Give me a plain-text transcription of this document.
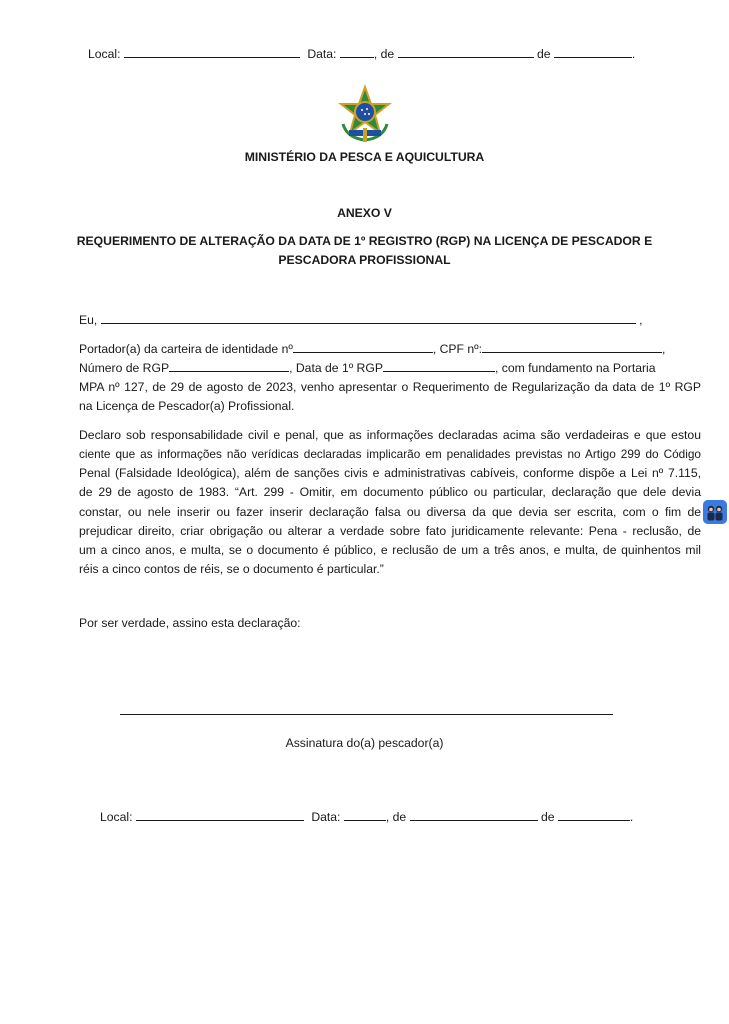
Local:	Data:	, de	de	.
MINISTÉRIO DA PESCA E AQUICULTURA
ANEXO V
REQUERIMENTO DE ALTERAÇÃO DA DATA DE 1º REGISTRO (RGP) NA LICENÇA DE PESCADOR E
PESCADORA PROFISSIONAL
Eu,	,
Portador(a) da carteira de identidade nº	, CPF nº:	,
Número de RGP	, Data de 1º RGP	, com fundamento na Portaria
MPA nº 127, de 29 de agosto de 2023, venho apresentar o Requerimento de Regularização da data de 1º RGP
na Licença de Pescador(a) Profissional.
Declaro sob responsabilidade civil e penal, que as informações declaradas acima são verdadeiras e que estou
ciente que as informações não verídicas declaradas implicarão em penalidades previstas no Artigo 299 do Código
Penal (Falsidade Ideológica), além de sanções civis e administrativas cabíveis, conforme dispõe a Lei nº 7.115,
de 29 de agosto de 1983. “Art. 299 - Omitir, em documento público ou particular, declaração que dele devia
constar, ou nele inserir ou fazer inserir declaração falsa ou diversa da que devia ser escrita, com o fim de
prejudicar direito, criar obrigação ou alterar a verdade sobre fato juridicamente relevante: Pena - reclusão, de
um a cinco anos, e multa, se o documento é público, e reclusão de um a três anos, e multa, de quinhentos mil
réis a cinco contos de réis, se o documento é particular.”
Por ser verdade, assino esta declaração:
Assinatura do(a) pescador(a)
Local:	Data:	, de	de	.
